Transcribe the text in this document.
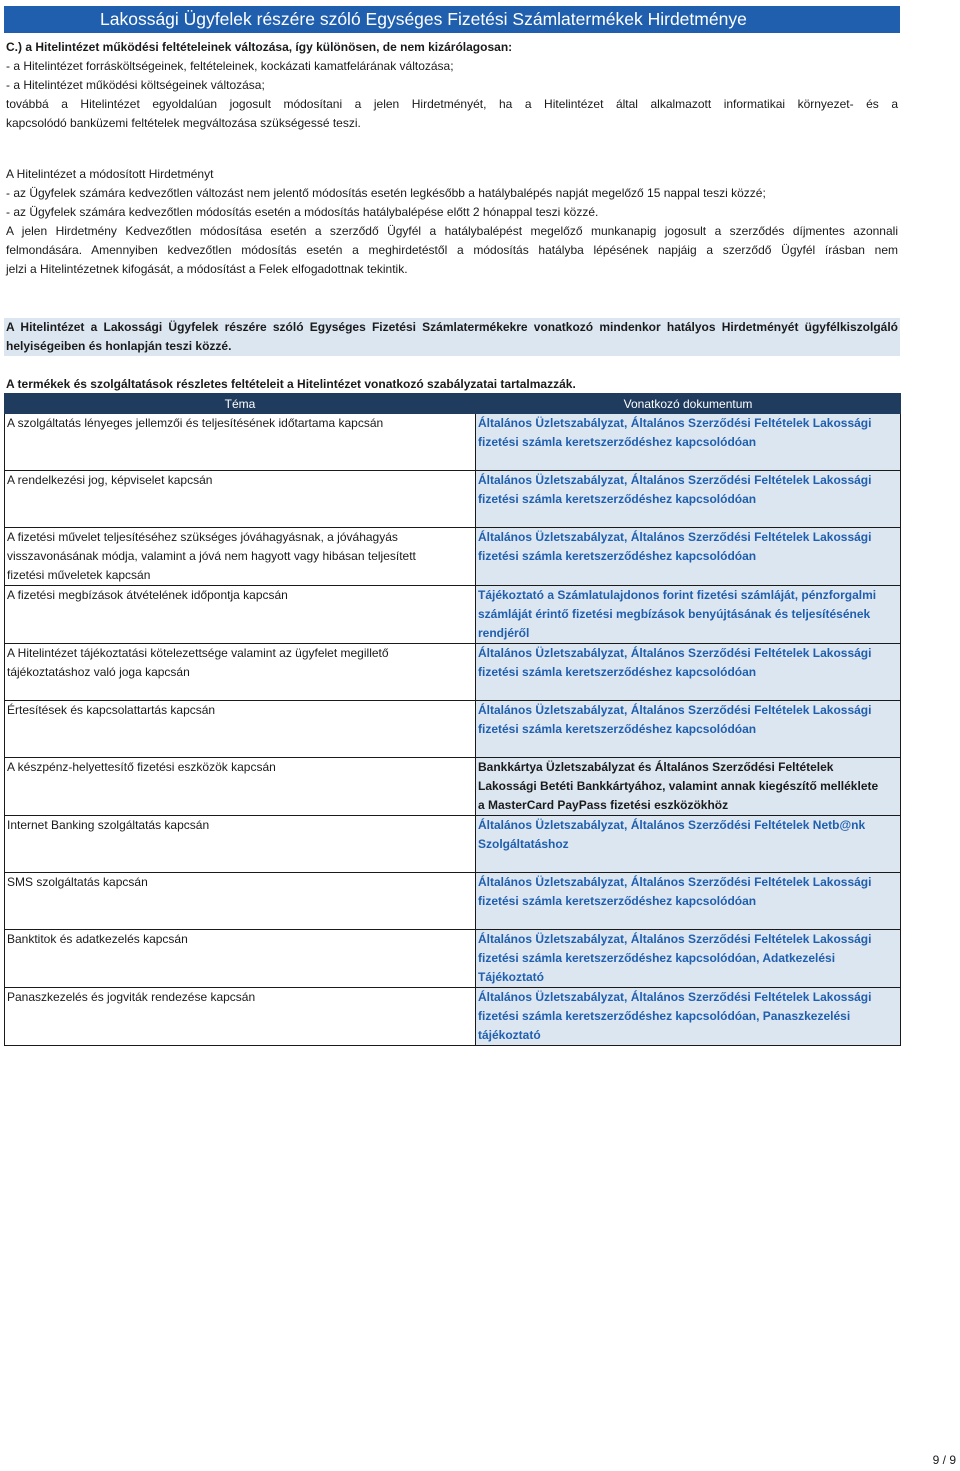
Lakossági Ügyfelek részére szóló Egységes Fizetési Számlatermékek Hirdetménye

C.) a Hitelintézet működési feltételeinek változása, így különösen, de nem kizárólagosan:

- a Hitelintézet forrásköltségeinek, feltételeinek, kockázati kamatfelárának változása;

- a Hitelintézet működési költségeinek változása;

továbbá a Hitelintézet egyoldalúan jogosult módosítani a jelen Hirdetményét, ha a Hitelintézet által alkalmazott informatikai környezet- és a

kapcsolódó banküzemi feltételek megváltozása szükségessé teszi.

A Hitelintézet a módosított Hirdetményt

- az Ügyfelek számára kedvezőtlen változást nem jelentő módosítás esetén legkésőbb a hatálybalépés napját megelőző 15 nappal teszi közzé;

- az Ügyfelek számára kedvezőtlen módosítás esetén a módosítás hatálybalépése előtt 2 hónappal teszi közzé.

A jelen Hirdetmény Kedvezőtlen módosítása esetén a szerződő Ügyfél a hatálybalépést megelőző munkanapig jogosult a szerződés díjmentes azonnali

felmondására. Amennyiben kedvezőtlen módosítás esetén a meghirdetéstől a módosítás hatályba lépésének napjáig a szerződő Ügyfél írásban nem

jelzi a Hitelintézetnek kifogását, a módosítást a Felek elfogadottnak tekintik.

A Hitelintézet a Lakossági Ügyfelek részére szóló Egységes Fizetési Számlatermékekre vonatkozó mindenkor hatályos Hirdetményét ügyfélkiszolgáló

helyiségeiben és honlapján teszi közzé.

A termékek és szolgáltatások részletes feltételeit a Hitelintézet vonatkozó szabályzatai tartalmazzák.
Téma	Vonatkozó dokumentum

A szolgáltatás lényeges jellemzői és teljesítésének időtartama kapcsán	Általános Üzletszabályzat, Általános Szerződési Feltételek Lakossági
fizetési számla keretszerződéshez kapcsolódóan

A rendelkezési jog, képviselet kapcsán	Általános Üzletszabályzat, Általános Szerződési Feltételek Lakossági
fizetési számla keretszerződéshez kapcsolódóan

A fizetési művelet teljesítéséhez szükséges jóváhagyásnak, a jóváhagyás
visszavonásának módja, valamint a jóvá nem hagyott vagy hibásan teljesített
fizetési műveletek kapcsán	Általános Üzletszabályzat, Általános Szerződési Feltételek Lakossági
fizetési számla keretszerződéshez kapcsolódóan

A fizetési megbízások átvételének időpontja kapcsán	Tájékoztató a Számlatulajdonos forint fizetési számláját, pénzforgalmi
számláját érintő fizetési megbízások benyújtásának és teljesítésének
rendjéről

A Hitelintézet tájékoztatási kötelezettsége valamint az ügyfelet megillető
tájékoztatáshoz való joga kapcsán	Általános Üzletszabályzat, Általános Szerződési Feltételek Lakossági
fizetési számla keretszerződéshez kapcsolódóan

Értesítések és kapcsolattartás kapcsán	Általános Üzletszabályzat, Általános Szerződési Feltételek Lakossági
fizetési számla keretszerződéshez kapcsolódóan

A készpénz-helyettesítő fizetési eszközök kapcsán	Bankkártya Üzletszabályzat és Általános Szerződési Feltételek
Lakossági Betéti Bankkártyához, valamint annak kiegészítő melléklete
a MasterCard PayPass fizetési eszközökhöz

Internet Banking szolgáltatás kapcsán	Általános Üzletszabályzat, Általános Szerződési Feltételek Netb@nk
Szolgáltatáshoz

SMS szolgáltatás kapcsán	Általános Üzletszabályzat, Általános Szerződési Feltételek Lakossági
fizetési számla keretszerződéshez kapcsolódóan

Banktitok és adatkezelés kapcsán	Általános Üzletszabályzat, Általános Szerződési Feltételek Lakossági
fizetési számla keretszerződéshez kapcsolódóan, Adatkezelési
Tájékoztató

Panaszkezelés és jogviták rendezése kapcsán	Általános Üzletszabályzat, Általános Szerződési Feltételek Lakossági
fizetési számla keretszerződéshez kapcsolódóan, Panaszkezelési
tájékoztató
9 / 9
